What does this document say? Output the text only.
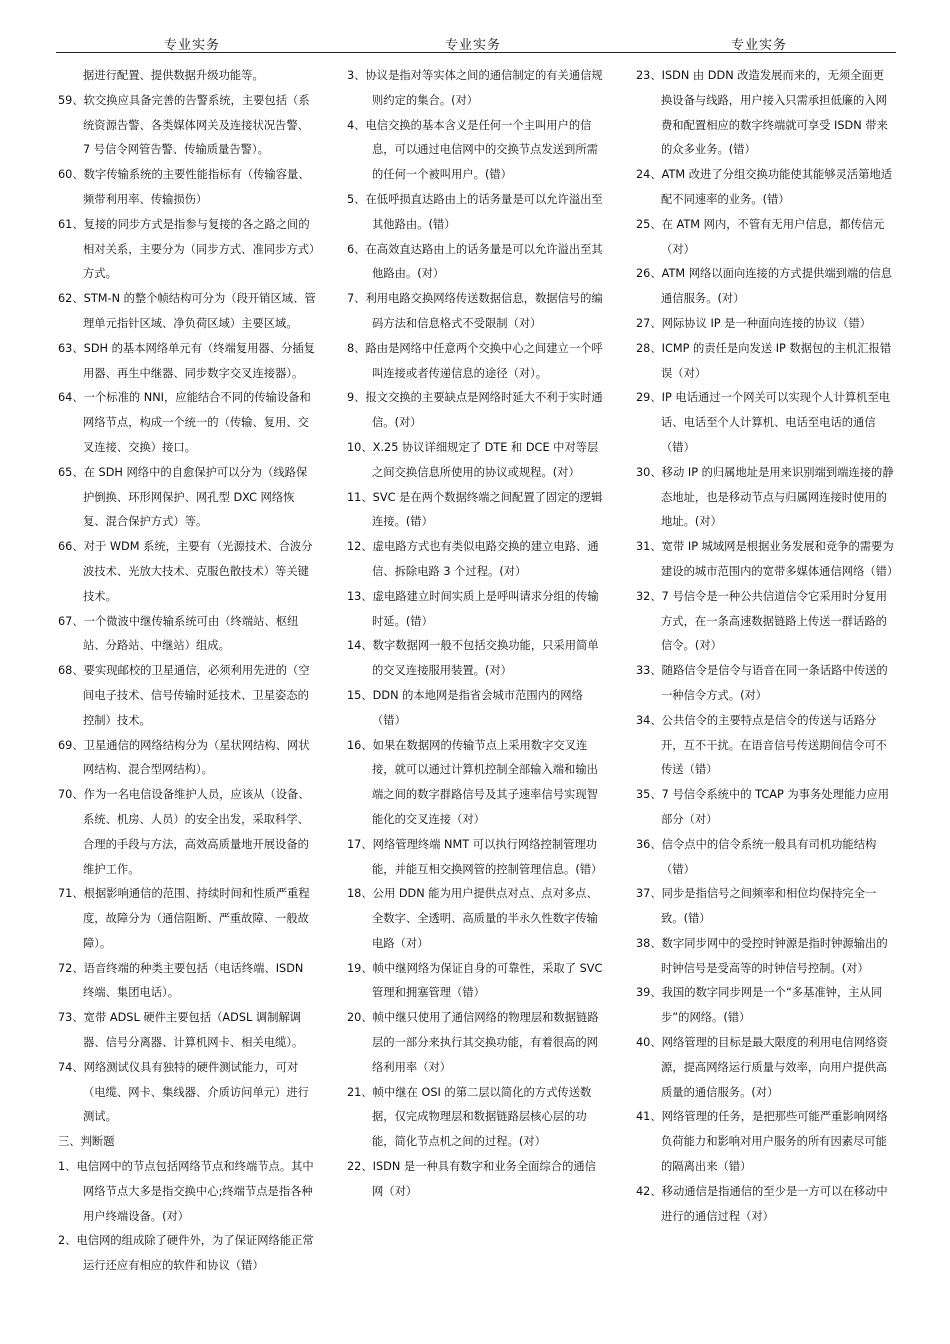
专业实务	专业实务	专业实务
据进行配置、提供数据升级功能等。
59、软交换应具备完善的告警系统，主要包括（系统资源告警、各类媒体网关及连接状况告警、7 号信令网管告警、传输质量告警）。
60、数字传输系统的主要性能指标有（传输容量、频带利用率、传输损伤）
61、复接的同步方式是指参与复接的各之路之间的相对关系，主要分为（同步方式、准同步方式）方式。
62、STM-N 的整个帧结构可分为（段开销区域、管理单元指针区域、净负荷区域）主要区域。
63、SDH 的基本网络单元有（终端复用器、分插复用器、再生中继器、同步数字交叉连接器）。
64、一个标准的 NNI，应能结合不同的传输设备和网络节点，构成一个统一的（传输、复用、交叉连接、交换）接口。
65、在 SDH 网络中的自愈保护可以分为（线路保护倒换、环形网保护、网孔型 DXC 网络恢复、混合保护方式）等。
66、对于 WDM 系统，主要有（光源技术、合波分波技术、光放大技术、克服色散技术）等关键技术。
67、一个微波中继传输系统可由（终端站、枢纽站、分路站、中继站）组成。
68、要实现邮校的卫星通信，必须利用先进的（空间电子技术、信号传输时延技术、卫星姿态的控制）技术。
69、卫星通信的网络结构分为（星状网结构、网状网结构、混合型网结构）。
70、作为一名电信设备维护人员，应该从（设备、系统、机房、人员）的安全出发，采取科学、合理的手段与方法，高效高质量地开展设备的维护工作。
71、根据影响通信的范围、持续时间和性质严重程度，故障分为（通信阻断、严重故障、一般故障）。
72、语音终端的种类主要包括（电话终端、ISDN 终端、集团电话）。
73、宽带 ADSL 硬件主要包括（ADSL 调制解调器、信号分离器、计算机网卡、相关电缆）。
74、网络测试仪具有独特的硬件测试能力，可对（电缆、网卡、集线器、介质访问单元）进行测试。
三、判断题
1、电信网中的节点包括网络节点和终端节点。其中网络节点大多是指交换中心;终端节点是指各种用户终端设备。(对）
2、电信网的组成除了硬件外，为了保证网络能正常运行还应有相应的软件和协议（错）
3、协议是指对等实体之间的通信制定的有关通信规则约定的集合。(对）
4、电信交换的基本含义是任何一个主叫用户的信息，可以通过电信网中的交换节点发送到所需的任何一个被叫用户。(错）
5、在低呼损直达路由上的话务量是可以允许溢出至其他路由。(错）
6、在高效直达路由上的话务量是可以允许溢出至其他路由。(对）
7、利用电路交换网络传送数据信息，数据信号的编码方法和信息格式不受限制（对）
8、路由是网络中任意两个交换中心之间建立一个呼叫连接或者传递信息的途径（对）。
9、报文交换的主要缺点是网络时延大不利于实时通信。(对）
10、X.25 协议详细规定了 DTE 和 DCE 中对等层之间交换信息所使用的协议或规程。(对）
11、SVC 是在两个数据终端之间配置了固定的逻辑连接。(错）
12、虚电路方式也有类似电路交换的建立电路、通信、拆除电路 3 个过程。(对）
13、虚电路建立时间实质上是呼叫请求分组的传输时延。(错）
14、数字数据网一般不包括交换功能，只采用简单的交叉连接服用装置。(对）
15、DDN 的本地网是指省会城市范围内的网络（错）
16、如果在数据网的传输节点上采用数字交叉连接，就可以通过计算机控制全部输入端和输出端之间的数字群路信号及其子速率信号实现智能化的交叉连接（对）
17、网络管理终端 NMT 可以执行网络控制管理功能，并能互相交换网管的控制管理信息。(错）
18、公用 DDN 能为用户提供点对点、点对多点、全数字、全透明、高质量的半永久性数字传输电路（对）
19、帧中继网络为保证自身的可靠性，采取了 SVC 管理和拥塞管理（错）
20、帧中继只使用了通信网络的物理层和数据链路层的一部分来执行其交换功能，有着很高的网络利用率（对）
21、帧中继在 OSI 的第二层以简化的方式传送数据，仅完成物理层和数据链路层核心层的功能，简化节点机之间的过程。(对）
22、ISDN 是一种具有数字和业务全面综合的通信网（对）
23、ISDN 由 DDN 改造发展而来的，无须全面更换设备与线路，用户接入只需承担低廉的入网费和配置相应的数字终端就可享受 ISDN 带来的众多业务。(错）
24、ATM 改进了分组交换功能使其能够灵活第地适配不同速率的业务。(错）
25、在 ATM 网内，不管有无用户信息，都传信元（对）
26、ATM 网络以面向连接的方式提供端到端的信息通信服务。(对）
27、网际协议 IP 是一种面向连接的协议（错）
28、ICMP 的责任是向发送 IP 数据包的主机汇报错误（对）
29、IP 电话通过一个网关可以实现个人计算机至电话、电话至个人计算机、电话至电话的通信（错）
30、移动 IP 的归属地址是用来识别端到端连接的静态地址，也是移动节点与归属网连接时使用的地址。(对）
31、宽带 IP 城域网是根据业务发展和竞争的需要为建设的城市范围内的宽带多媒体通信网络（错）
32、7 号信令是一种公共信道信令它采用时分复用方式，在一条高速数据链路上传送一群话路的信令。(对）
33、随路信令是信令与语音在同一条话路中传送的一种信令方式。(对）
34、公共信令的主要特点是信令的传送与话路分开，互不干扰。在语音信号传送期间信令可不传送（错）
35、7 号信令系统中的 TCAP 为事务处理能力应用部分（对）
36、信令点中的信令系统一般具有司机功能结构（错）
37、同步是指信号之间频率和相位均保持完全一致。(错）
38、数字同步网中的受控时钟源是指时钟源输出的时钟信号是受高等的时钟信号控制。(对）
39、我国的数字同步网是一个“多基准钟，主从同步”的网络。(错）
40、网络管理的目标是最大限度的利用电信网络资源，提高网络运行质量与效率，向用户提供高质量的通信服务。(对）
41、网络管理的任务，是把那些可能严重影响网络负荷能力和影响对用户服务的所有因素尽可能的隔离出来（错）
42、移动通信是指通信的至少是一方可以在移动中进行的通信过程（对）
